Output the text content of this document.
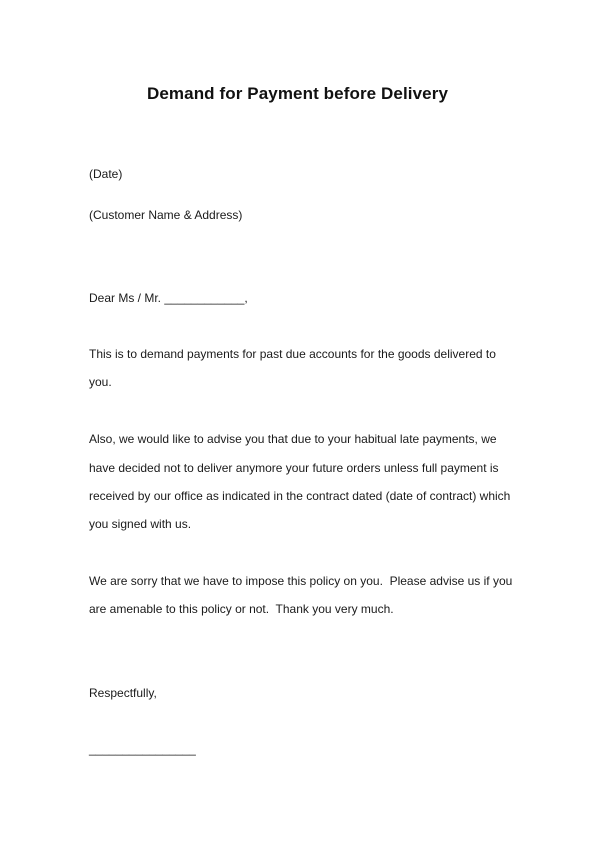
Demand for Payment before Delivery
(Date)
(Customer Name & Address)
Dear Ms / Mr. ____________,
This is to demand payments for past due accounts for the goods delivered to
you.
Also, we would like to advise you that due to your habitual late payments, we
have decided not to deliver anymore your future orders unless full payment is
received by our office as indicated in the contract dated (date of contract) which
you signed with us.
We are sorry that we have to impose this policy on you.  Please advise us if you
are amenable to this policy or not.  Thank you very much.
Respectfully,
________________
